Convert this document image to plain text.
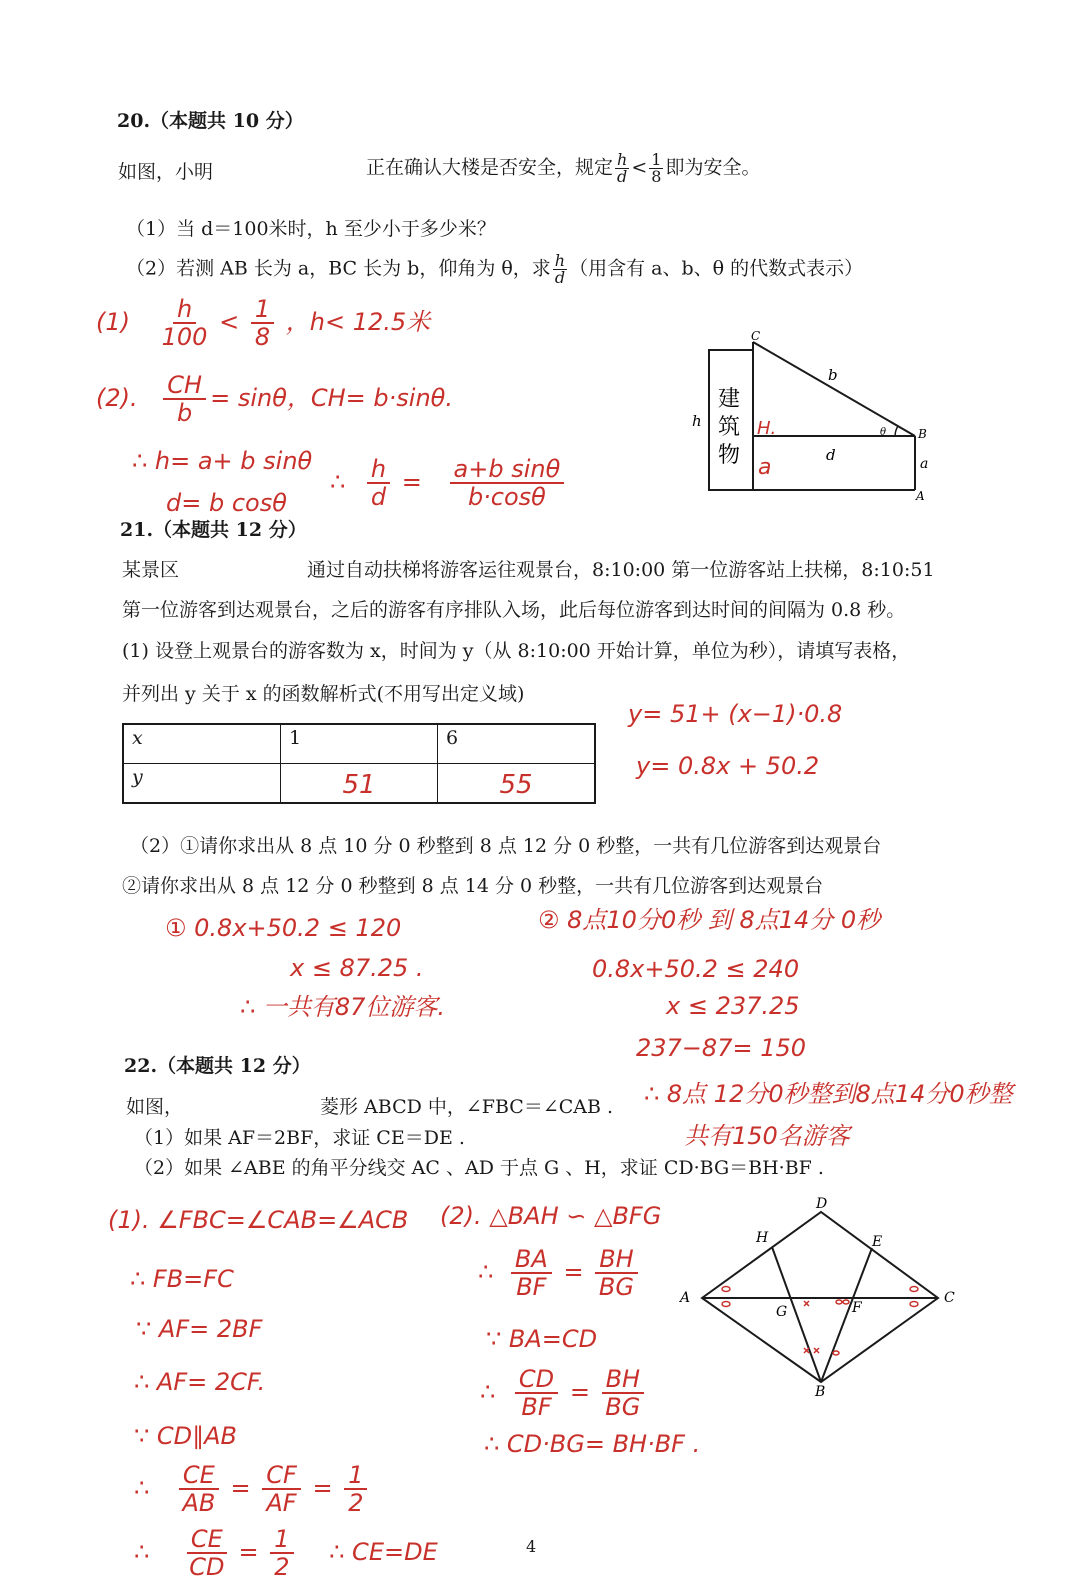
20.（本题共 10 分）
如图，小明	正在确认大楼是否安全，规定 $\frac{h}{d} < \frac{1}{8}$ 即为安全。
（1）当 d＝100米时，h 至少小于多少米？
（2）若测 AB 长为 a，BC 长为 b，仰角为 θ，求 $\frac{h}{d}$ （用含有 a、b、θ 的代数式表示）
$(1) \frac{h}{100} < \frac{1}{8}$ ，h< 12.5米
(2). $\frac{CH}{b} = \sin\theta$，CH= b·sinθ.
∴ h= a+ b sinθ
d= b cosθ
∴ $\frac{h}{d} = \frac{\text{a+b sinθ}}{b\cdot\cos\theta}$
C
B
A
b
a
d
h
θ
建
筑
物
H.
a
21.（本题共 12 分）
某景区	通过自动扶梯将游客运往观景台，8:10:00 第一位游客站上扶梯，8:10:51
第一位游客到达观景台，之后的游客有序排队入场，此后每位游客到达时间的间隔为 0.8 秒。
(1) 设登上观景台的游客数为 x，时间为 y（从 8:10:00 开始计算，单位为秒），请填写表格，
并列出 y 关于 x 的函数解析式(不用写出定义域)
x	1	6
y	51	55
y= 51+ (x−1)·0.8
y= 0.8x + 50.2
（2）①请你求出从 8 点 10 分 0 秒整到 8 点 12 分 0 秒整，一共有几位游客到达观景台
②请你求出从 8 点 12 分 0 秒整到 8 点 14 分 0 秒整，一共有几位游客到达观景台
① 0.8x+50.2 ≤ 120
x ≤ 87.25 .
∴ 一共有87位游客.
② 8点10分0秒 到 8点14分 0秒
0.8x+50.2 ≤ 240
x ≤ 237.25
237−87= 150
∴ 8点 12分0秒整到8点14分0秒整
共有150名游客
22.（本题共 12 分）
如图，	菱形 ABCD 中，∠FBC＝∠CAB .
（1）如果 AF＝2BF，求证 CE＝DE .
（2）如果 ∠ABE 的角平分线交 AC 、AD 于点 G 、H，求证 CD·BG＝BH·BF .
(1). ∠FBC=∠CAB=∠ACB
∴ FB=FC
∵ AF= 2BF
∴ AF= 2CF.
∵ CD∥AB
∴ $\frac{CE}{AB} = \frac{CF}{AF} = \frac{1}{2}$
∴ $\frac{CE}{CD} = \frac{1}{2}$ ∴ CE=DE
(2). △BAH ∽ △BFG
∴ $\frac{BA}{BF} = \frac{BH}{BG}$
∵ BA=CD
∴ $\frac{CD}{BF} = \frac{BH}{BG}$
∴ CD·BG= BH·BF .
A
B
C
D
E
F
G
H
4
